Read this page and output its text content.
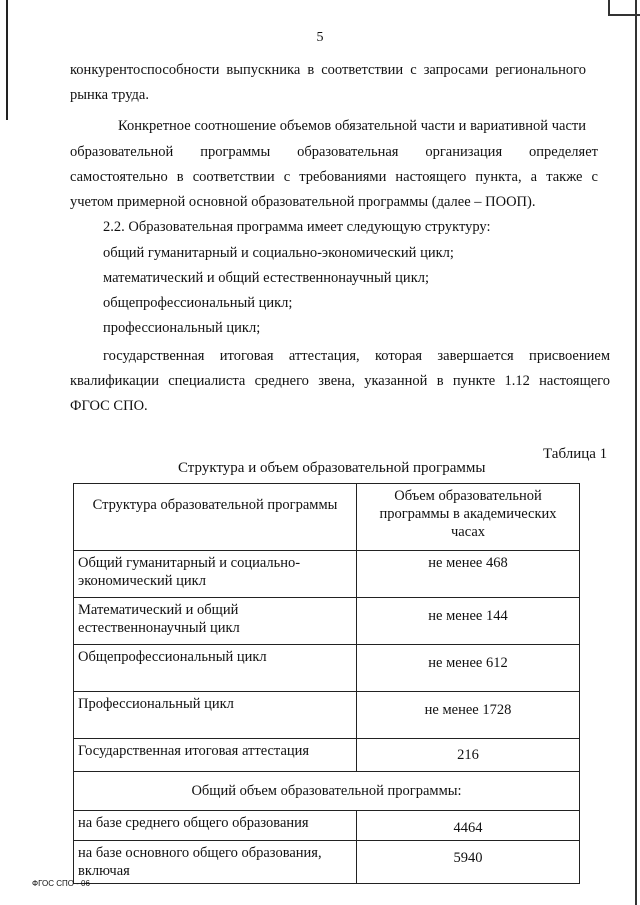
5
конкурентоспособности выпускника в соответствии с запросами регионального
рынка труда.
Конкретное соотношение объемов обязательной части и вариативной части
образовательной программы образовательная организация определяет
самостоятельно в соответствии с требованиями настоящего пункта, а также с
учетом примерной основной образовательной программы (далее – ПООП).
2.2. Образовательная программа имеет следующую структуру:
общий гуманитарный и социально-экономический цикл;
математический и общий естественнонаучный цикл;
общепрофессиональный цикл;
профессиональный цикл;
государственная итоговая аттестация, которая завершается присвоением
квалификации специалиста среднего звена, указанной в пункте 1.12 настоящего
ФГОС СПО.
Таблица 1
Структура и объем образовательной программы
Структура образовательной программы	Объем образовательной программы в академических часах
Общий гуманитарный и социально-экономический цикл	не менее 468
Математический и общий естественнонаучный цикл	не менее 144
Общепрофессиональный цикл	не менее 612
Профессиональный цикл	не менее 1728
Государственная итоговая аттестация	216
Общий объем образовательной программы:	
на базе среднего общего образования	4464
на базе основного общего образования, включая	5940
ФГОС СПО - 06
